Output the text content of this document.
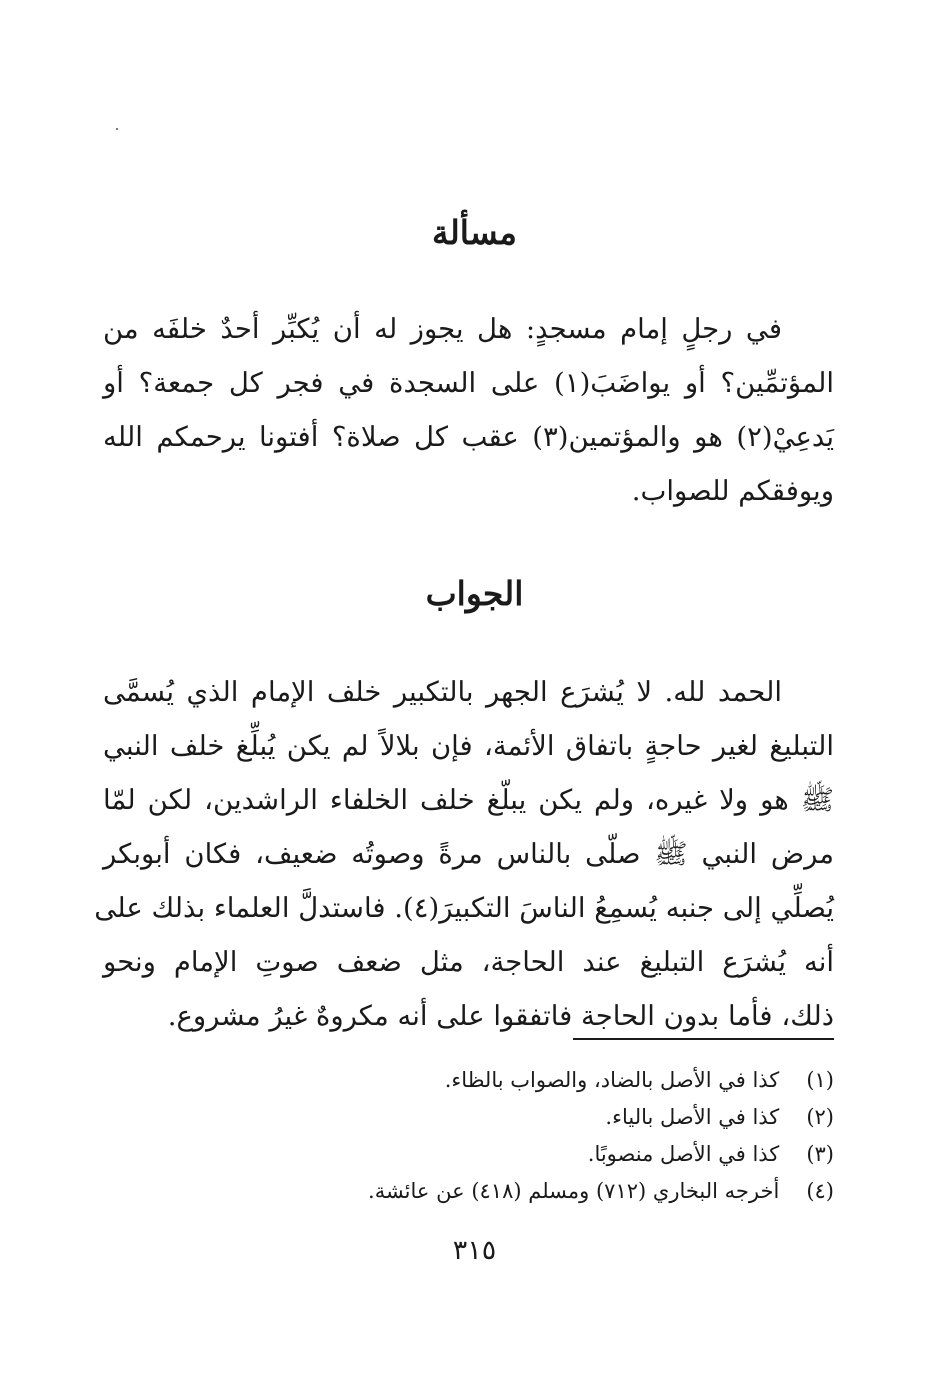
مسألة
في رجلٍ إمام مسجدٍ: هل يجوز له أن يُكبِّر أحدٌ خلفَه من
المؤتمِّين؟ أو يواضَبَ(١) على السجدة في فجر كل جمعة؟ أو
يَدعِيْ(٢) هو والمؤتمين(٣) عقب كل صلاة؟ أفتونا يرحمكم الله
ويوفقكم للصواب.
الجواب
الحمد لله. لا يُشرَع الجهر بالتكبير خلف الإمام الذي يُسمَّى
التبليغ لغير حاجةٍ باتفاق الأئمة، فإن بلالاً لم يكن يُبلِّغ خلف النبي
ﷺ هو ولا غيره، ولم يكن يبلّغ خلف الخلفاء الراشدين، لكن لمّا
مرض النبي ﷺ صلّى بالناس مرةً وصوتُه ضعيف، فكان أبوبكر
يُصلِّي إلى جنبه يُسمِعُ الناسَ التكبيرَ(٤). فاستدلَّ العلماء بذلك على
أنه يُشرَع التبليغ عند الحاجة، مثل ضعف صوتِ الإمام ونحو
ذلك، فأما بدون الحاجة فاتفقوا على أنه مكروهٌ غيرُ مشروع.
(١) كذا في الأصل بالضاد، والصواب بالظاء.
(٢) كذا في الأصل بالياء.
(٣) كذا في الأصل منصوبًا.
(٤) أخرجه البخاري (٧١٢) ومسلم (٤١٨) عن عائشة.
٣١٥
